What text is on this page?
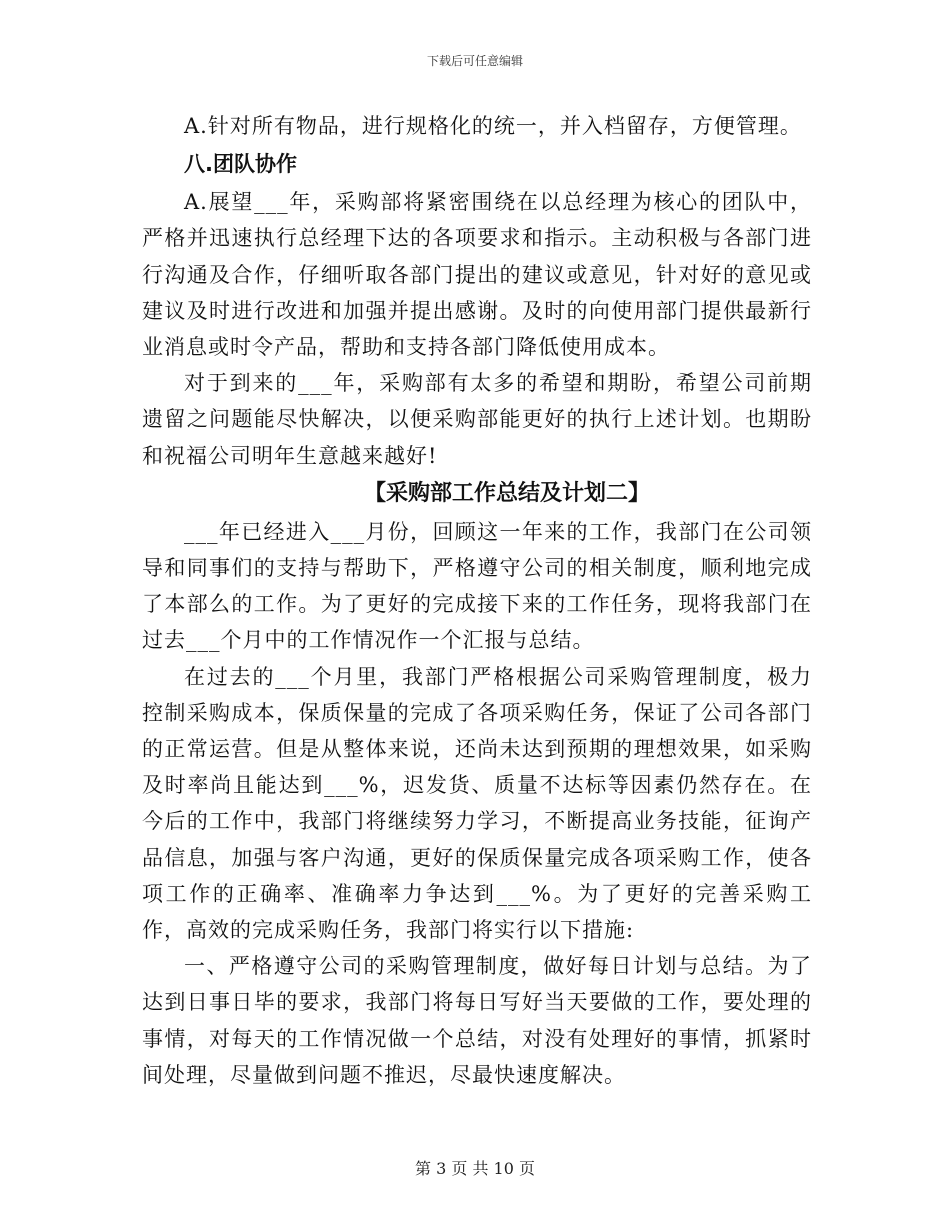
下载后可任意编辑

A.针对所有物品，进行规格化的统一，并入档留存，方便管理。

八.团队协作

A.展望___年，采购部将紧密围绕在以总经理为核心的团队中，严格并迅速执行总经理下达的各项要求和指示。主动积极与各部门进行沟通及合作，仔细听取各部门提出的建议或意见，针对好的意见或建议及时进行改进和加强并提出感谢。及时的向使用部门提供最新行业消息或时令产品，帮助和支持各部门降低使用成本。

对于到来的___年，采购部有太多的希望和期盼，希望公司前期遗留之问题能尽快解决，以便采购部能更好的执行上述计划。也期盼和祝福公司明年生意越来越好!

【采购部工作总结及计划二】

___年已经进入___月份，回顾这一年来的工作，我部门在公司领导和同事们的支持与帮助下，严格遵守公司的相关制度，顺利地完成了本部么的工作。为了更好的完成接下来的工作任务，现将我部门在过去___个月中的工作情况作一个汇报与总结。

在过去的___个月里，我部门严格根据公司采购管理制度，极力控制采购成本，保质保量的完成了各项采购任务，保证了公司各部门的正常运营。但是从整体来说，还尚未达到预期的理想效果，如采购及时率尚且能达到___%，迟发货、质量不达标等因素仍然存在。在今后的工作中，我部门将继续努力学习，不断提高业务技能，征询产品信息，加强与客户沟通，更好的保质保量完成各项采购工作，使各项工作的正确率、准确率力争达到___%。为了更好的完善采购工作，高效的完成采购任务，我部门将实行以下措施:

一、严格遵守公司的采购管理制度，做好每日计划与总结。为了达到日事日毕的要求，我部门将每日写好当天要做的工作，要处理的事情，对每天的工作情况做一个总结，对没有处理好的事情，抓紧时间处理，尽量做到问题不推迟，尽最快速度解决。

第 3 页 共 10 页
